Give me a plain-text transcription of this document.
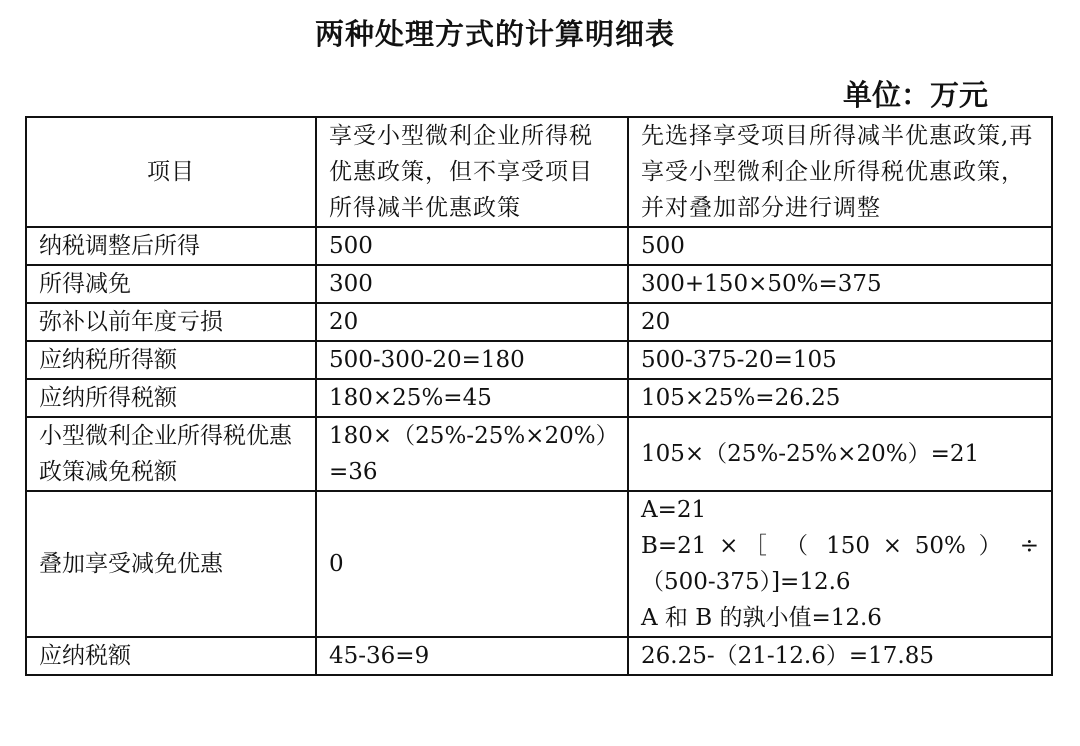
两种处理方式的计算明细表
单位：万元
项目	享受小型微利企业所得税优惠政策，但不享受项目所得减半优惠政策	先选择享受项目所得减半优惠政策,再享受小型微利企业所得税优惠政策，并对叠加部分进行调整
纳税调整后所得	500	500
所得减免	300	300+150×50%=375
弥补以前年度亏损	20	20
应纳税所得额	500-300-20=180	500-375-20=105
应纳所得税额	180×25%=45	105×25%=26.25
小型微利企业所得税优惠政策减免税额	180×（25%-25%×20%）=36	105×（25%-25%×20%）=21
叠加享受减免优惠	0	A=21
B=21 ×［ （ 150 × 50% ） ÷
（500-375）]=12.6
A 和 B 的孰小值=12.6

应纳税额	45-36=9	26.25-（21-12.6）=17.85
